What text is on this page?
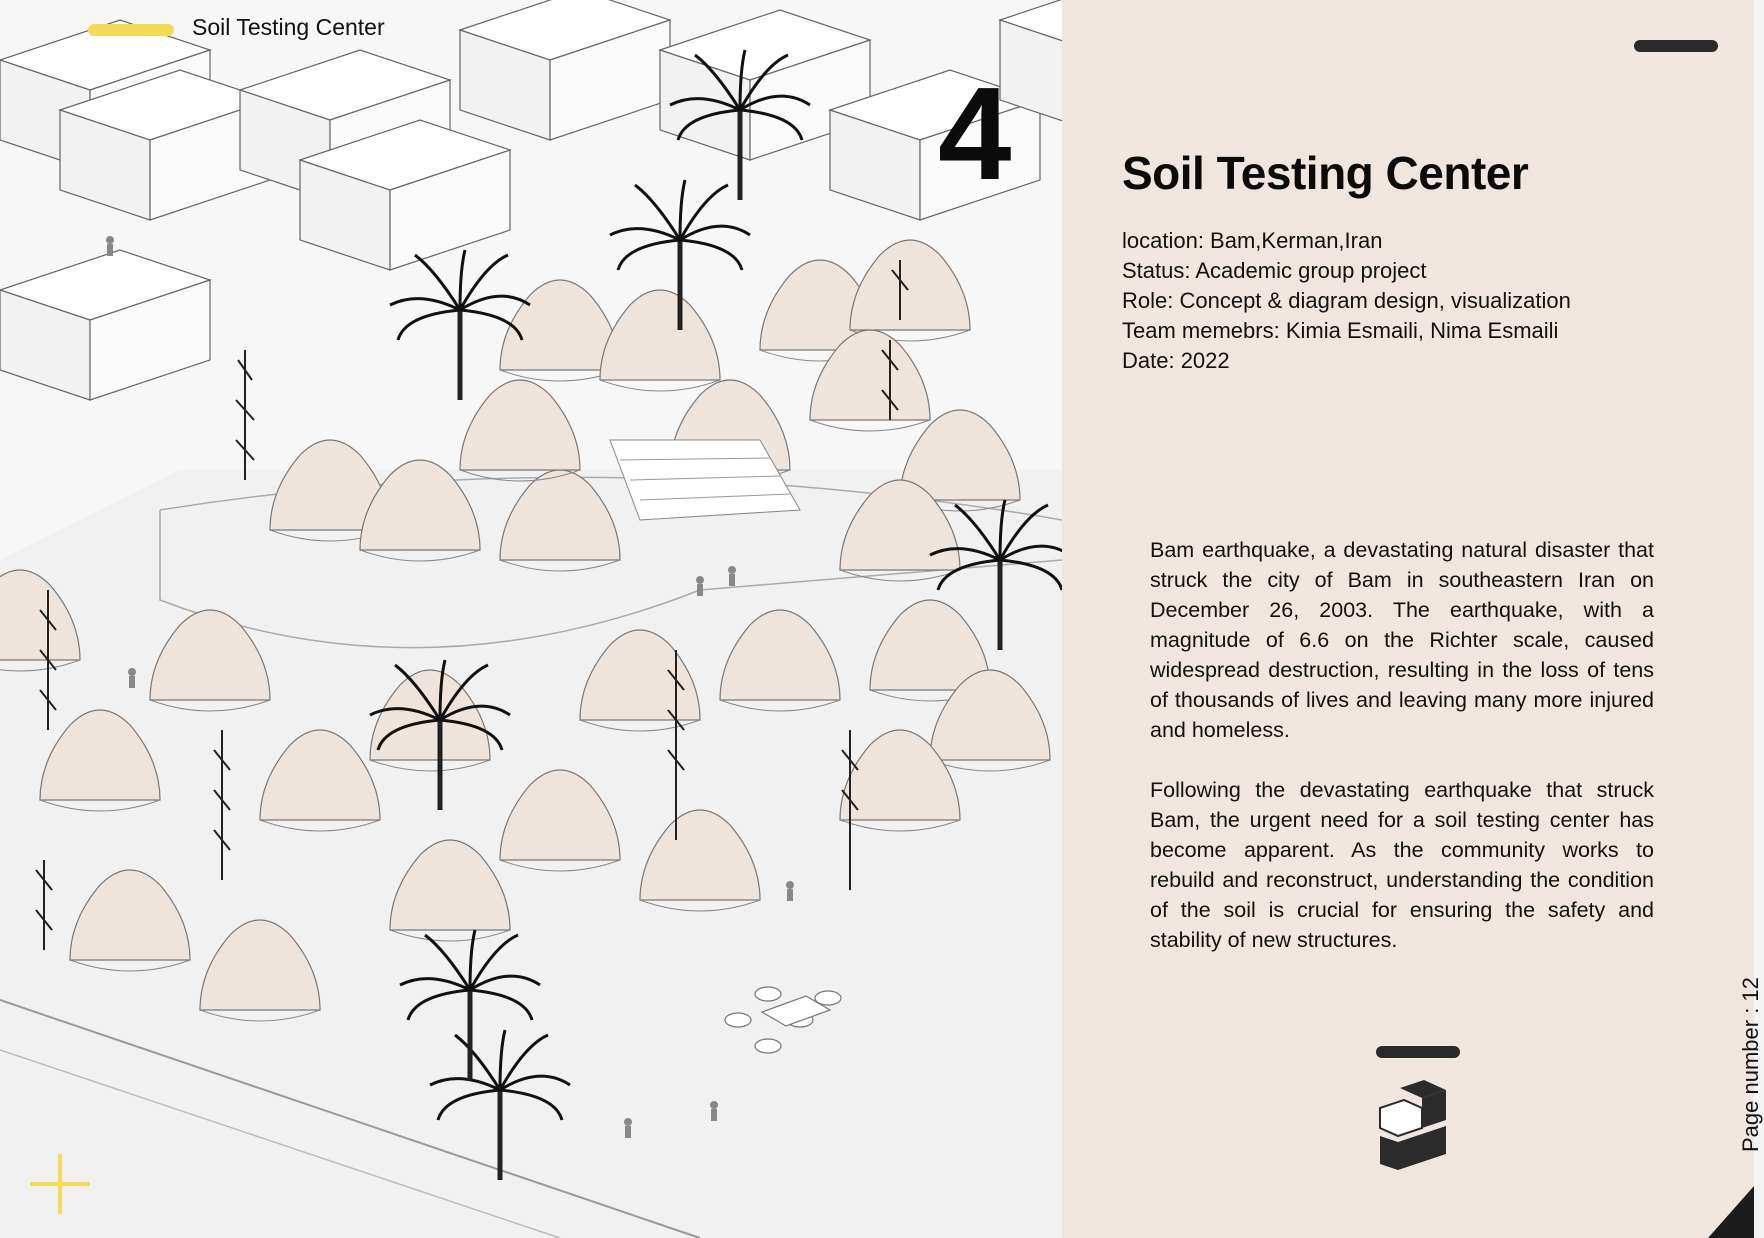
Soil Testing Center
4 Soil Testing Center
location: Bam,Kerman,Iran
Status: Academic group project
Role: Concept & diagram design, visualization
Team memebrs: Kimia Esmaili, Nima Esmaili
Date: 2022

Bam earthquake, a devastating natural disaster that struck the city of Bam in southeastern Iran on December 26, 2003. The earthquake, with a magnitude of 6.6 on the Richter scale, caused widespread destruction, resulting in the loss of tens of thousands of lives and leaving many more injured and homeless.

Following the devastating earthquake that struck Bam, the urgent need for a soil testing center has become apparent. As the community works to rebuild and reconstruct, understanding the condition of the soil is crucial for ensuring the safety and stability of new structures.

Page number : 12
